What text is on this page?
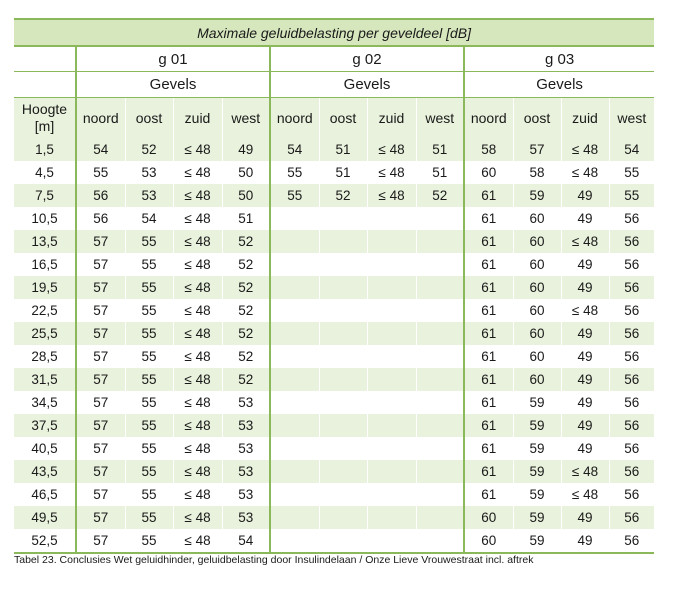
Maximale geluidbelasting per geveldeel [dB]												
	g 01				g 02				g 03			
	Gevels				Gevels				Gevels			
Hoogte
[m]	noord	oost	zuid	west	noord	oost	zuid	west	noord	oost	zuid	west
1,5	54	52	≤ 48	49	54	51	≤ 48	51	58	57	≤ 48	54
4,5	55	53	≤ 48	50	55	51	≤ 48	51	60	58	≤ 48	55
7,5	56	53	≤ 48	50	55	52	≤ 48	52	61	59	49	55
10,5	56	54	≤ 48	51					61	60	49	56
13,5	57	55	≤ 48	52					61	60	≤ 48	56
16,5	57	55	≤ 48	52					61	60	49	56
19,5	57	55	≤ 48	52					61	60	49	56
22,5	57	55	≤ 48	52					61	60	≤ 48	56
25,5	57	55	≤ 48	52					61	60	49	56
28,5	57	55	≤ 48	52					61	60	49	56
31,5	57	55	≤ 48	52					61	60	49	56
34,5	57	55	≤ 48	53					61	59	49	56
37,5	57	55	≤ 48	53					61	59	49	56
40,5	57	55	≤ 48	53					61	59	49	56
43,5	57	55	≤ 48	53					61	59	≤ 48	56
46,5	57	55	≤ 48	53					61	59	≤ 48	56
49,5	57	55	≤ 48	53					60	59	49	56
52,5	57	55	≤ 48	54					60	59	49	56
Tabel 23. Conclusies Wet geluidhinder, geluidbelasting door Insulindelaan / Onze Lieve Vrouwestraat incl. aftrek
